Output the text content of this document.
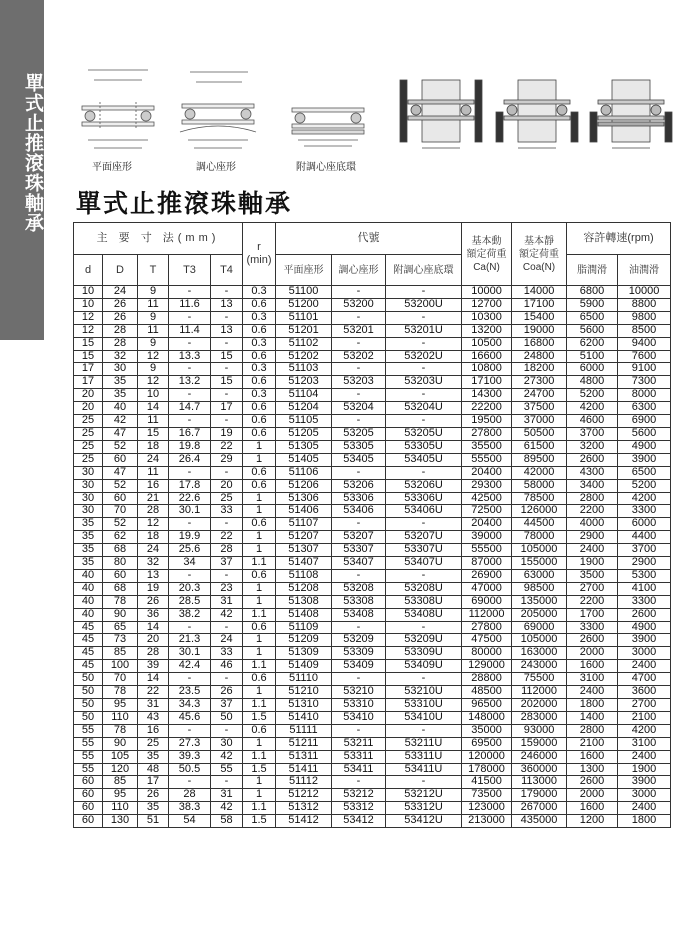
單式止推滾珠軸承	平面座形	調心座形	附調心座底環
單式止推滾珠軸承
主 要 寸 法(mm)					r
(min)	代號			基本動
額定荷重
Ca(N)	基本靜
額定荷重
Coa(N)	容許轉速(rpm)	
d	D	T	T3	T4		平面座形	調心座形	附調心座底環			脂潤滑	油潤滑
10	24	9	-	-	0.3	51100	-	-	10000	14000	6800	10000
10	26	11	11.6	13	0.6	51200	53200	53200U	12700	17100	5900	8800
12	26	9	-	-	0.3	51101	-	-	10300	15400	6500	9800
12	28	11	11.4	13	0.6	51201	53201	53201U	13200	19000	5600	8500
15	28	9	-	-	0.3	51102	-	-	10500	16800	6200	9400
15	32	12	13.3	15	0.6	51202	53202	53202U	16600	24800	5100	7600
17	30	9	-	-	0.3	51103	-	-	10800	18200	6000	9100
17	35	12	13.2	15	0.6	51203	53203	53203U	17100	27300	4800	7300
20	35	10	-	-	0.3	51104	-	-	14300	24700	5200	8000
20	40	14	14.7	17	0.6	51204	53204	53204U	22200	37500	4200	6300
25	42	11	-	-	0.6	51105	-	-	19500	37000	4600	6900
25	47	15	16.7	19	0.6	51205	53205	53205U	27800	50500	3700	5600
25	52	18	19.8	22	1	51305	53305	53305U	35500	61500	3200	4900
25	60	24	26.4	29	1	51405	53405	53405U	55500	89500	2600	3900
30	47	11	-	-	0.6	51106	-	-	20400	42000	4300	6500
30	52	16	17.8	20	0.6	51206	53206	53206U	29300	58000	3400	5200
30	60	21	22.6	25	1	51306	53306	53306U	42500	78500	2800	4200
30	70	28	30.1	33	1	51406	53406	53406U	72500	126000	2200	3300
35	52	12	-	-	0.6	51107	-	-	20400	44500	4000	6000
35	62	18	19.9	22	1	51207	53207	53207U	39000	78000	2900	4400
35	68	24	25.6	28	1	51307	53307	53307U	55500	105000	2400	3700
35	80	32	34	37	1.1	51407	53407	53407U	87000	155000	1900	2900
40	60	13	-	-	0.6	51108	-	-	26900	63000	3500	5300
40	68	19	20.3	23	1	51208	53208	53208U	47000	98500	2700	4100
40	78	26	28.5	31	1	51308	53308	53308U	69000	135000	2200	3300
40	90	36	38.2	42	1.1	51408	53408	53408U	112000	205000	1700	2600
45	65	14	-	-	0.6	51109	-	-	27800	69000	3300	4900
45	73	20	21.3	24	1	51209	53209	53209U	47500	105000	2600	3900
45	85	28	30.1	33	1	51309	53309	53309U	80000	163000	2000	3000
45	100	39	42.4	46	1.1	51409	53409	53409U	129000	243000	1600	2400
50	70	14	-	-	0.6	51110	-	-	28800	75500	3100	4700
50	78	22	23.5	26	1	51210	53210	53210U	48500	112000	2400	3600
50	95	31	34.3	37	1.1	51310	53310	53310U	96500	202000	1800	2700
50	110	43	45.6	50	1.5	51410	53410	53410U	148000	283000	1400	2100
55	78	16	-	-	0.6	51111	-	-	35000	93000	2800	4200
55	90	25	27.3	30	1	51211	53211	53211U	69500	159000	2100	3100
55	105	35	39.3	42	1.1	51311	53311	53311U	120000	246000	1600	2400
55	120	48	50.5	55	1.5	51411	53411	53411U	178000	360000	1300	1900
60	85	17	-	-	1	51112	-	-	41500	113000	2600	3900
60	95	26	28	31	1	51212	53212	53212U	73500	179000	2000	3000
60	110	35	38.3	42	1.1	51312	53312	53312U	123000	267000	1600	2400
60	130	51	54	58	1.5	51412	53412	53412U	213000	435000	1200	1800
